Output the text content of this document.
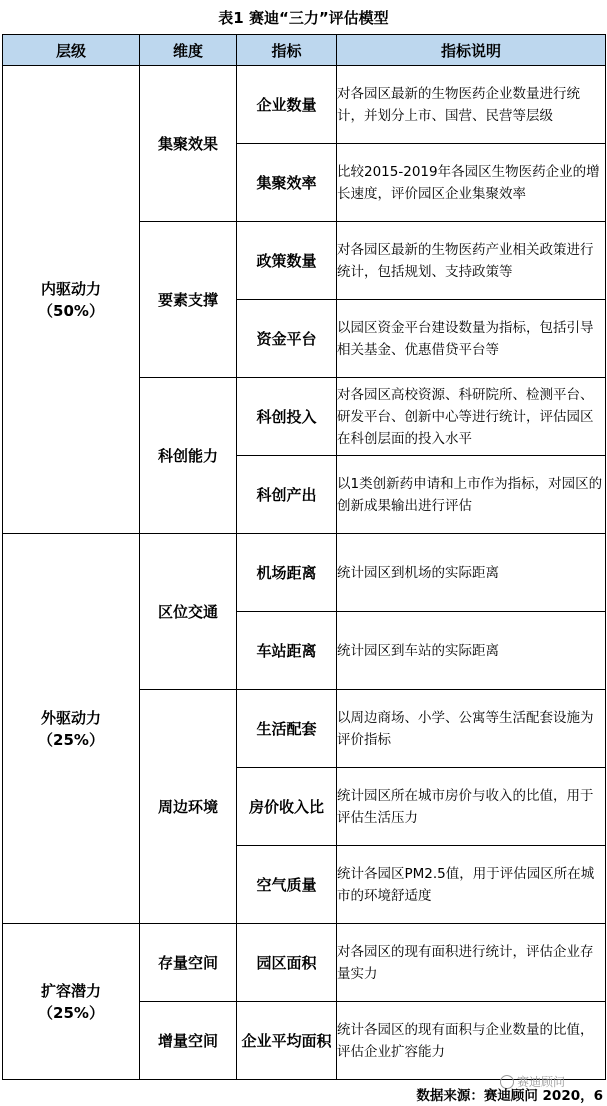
表1 赛迪“三力”评估模型
层级	维度	指标	指标说明

内驱动力
（50%）	集聚效果	企业数量	对各园区最新的生物医药企业数量进行统计，并划分上市、国营、民营等层级
		集聚效率	比较2015-2019年各园区生物医药企业的增长速度，评价园区企业集聚效率
	要素支撑	政策数量	对各园区最新的生物医药产业相关政策进行统计，包括规划、支持政策等
		资金平台	以园区资金平台建设数量为指标，包括引导相关基金、优惠借贷平台等
	科创能力	科创投入	对各园区高校资源、科研院所、检测平台、研发平台、创新中心等进行统计，评估园区在科创层面的投入水平
		科创产出	以1类创新药申请和上市作为指标，对园区的创新成果输出进行评估

外驱动力
（25%）	区位交通	机场距离	统计园区到机场的实际距离
		车站距离	统计园区到车站的实际距离
	周边环境	生活配套	以周边商场、小学、公寓等生活配套设施为评价指标
		房价收入比	统计园区所在城市房价与收入的比值，用于评估生活压力
		空气质量	统计各园区PM2.5值，用于评估园区所在城市的环境舒适度

扩容潜力
（25%）	存量空间	园区面积	对各园区的现有面积进行统计，评估企业存量实力
	增量空间	企业平均面积	统计各园区的现有面积与企业数量的比值，评估企业扩容能力
赛迪顾问
数据来源：赛迪顾问 2020，6
